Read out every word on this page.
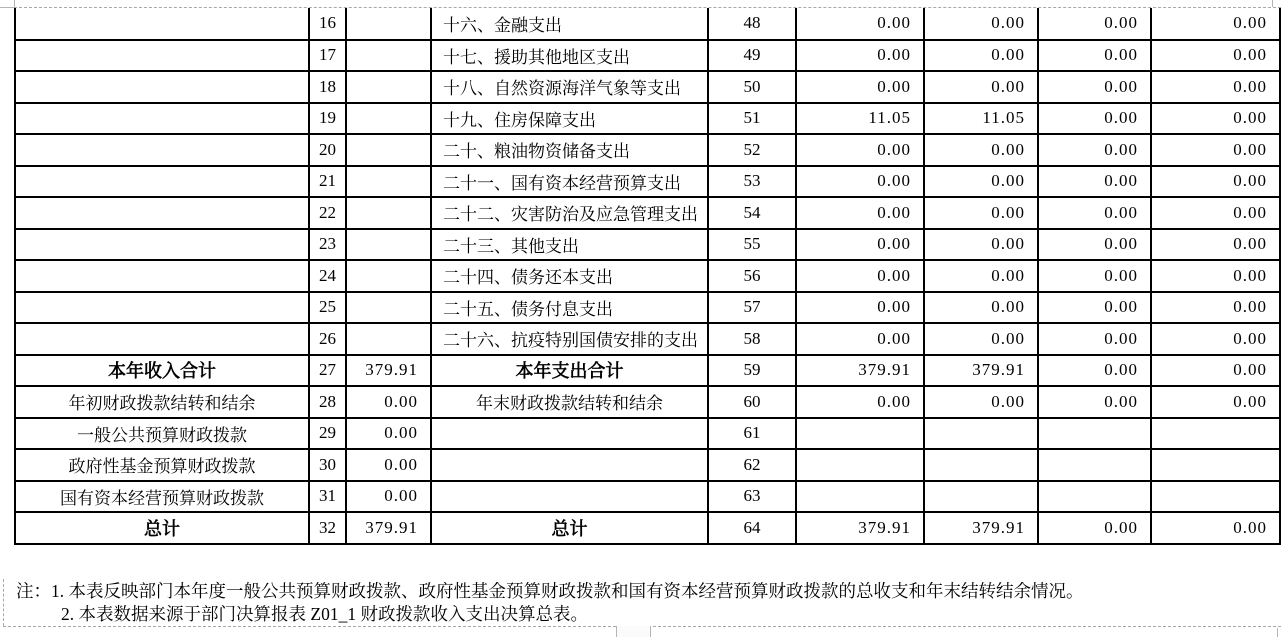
	16		十六、金融支出	48	0.00	0.00	0.00	0.00
	17		十七、援助其他地区支出	49	0.00	0.00	0.00	0.00
	18		十八、自然资源海洋气象等支出	50	0.00	0.00	0.00	0.00
	19		十九、住房保障支出	51	11.05	11.05	0.00	0.00
	20		二十、粮油物资储备支出	52	0.00	0.00	0.00	0.00
	21		二十一、国有资本经营预算支出	53	0.00	0.00	0.00	0.00
	22		二十二、灾害防治及应急管理支出	54	0.00	0.00	0.00	0.00
	23		二十三、其他支出	55	0.00	0.00	0.00	0.00
	24		二十四、债务还本支出	56	0.00	0.00	0.00	0.00
	25		二十五、债务付息支出	57	0.00	0.00	0.00	0.00
	26		二十六、抗疫特别国债安排的支出	58	0.00	0.00	0.00	0.00
本年收入合计	27	379.91	本年支出合计	59	379.91	379.91	0.00	0.00
年初财政拨款结转和结余	28	0.00	年末财政拨款结转和结余	60	0.00	0.00	0.00	0.00
一般公共预算财政拨款	29	0.00		61				
政府性基金预算财政拨款	30	0.00		62				
国有资本经营预算财政拨款	31	0.00		63				
总计	32	379.91	总计	64	379.91	379.91	0.00	0.00
注：1. 本表反映部门本年度一般公共预算财政拨款、政府性基金预算财政拨款和国有资本经营预算财政拨款的总收支和年末结转结余情况。
2. 本表数据来源于部门决算报表 Z01_1 财政拨款收入支出决算总表。
